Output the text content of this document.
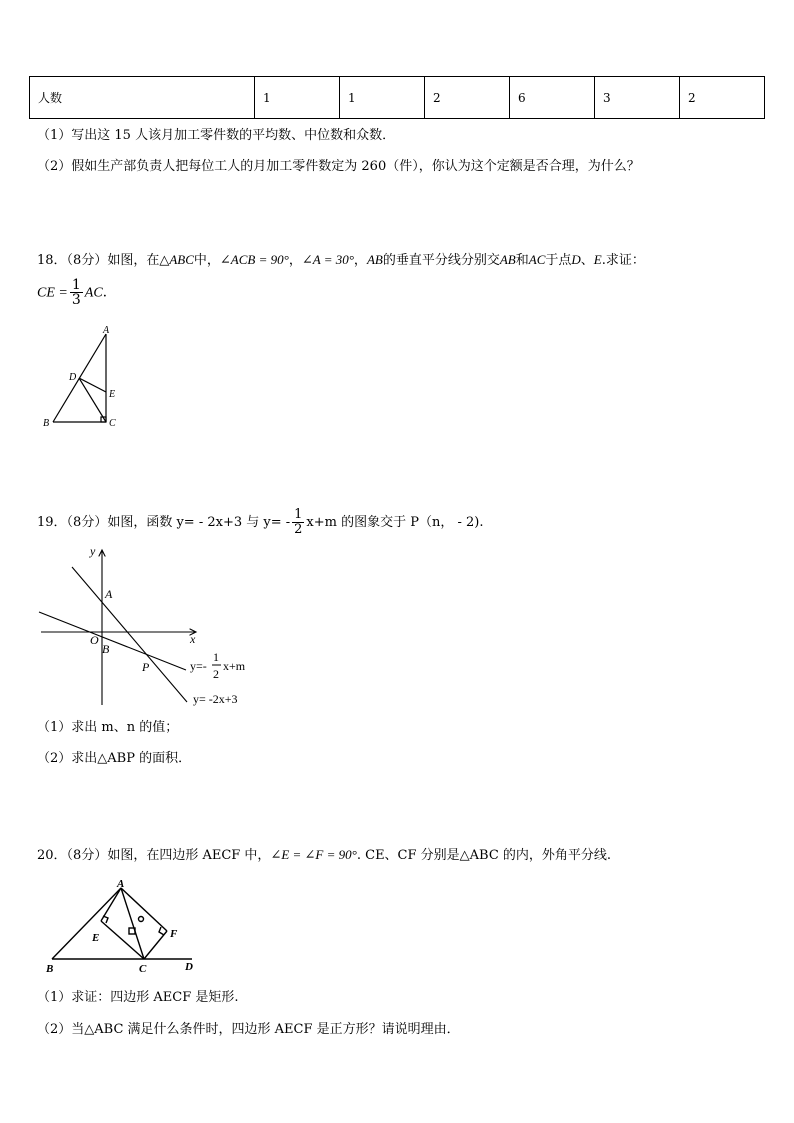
人数	1	1	2	6	3	2
（1）写出这 15 人该月加工零件数的平均数、中位数和众数．
（2）假如生产部负责人把每位工人的月加工零件数定为 260（件），你认为这个定额是否合理，为什么？
18．（8分）如图，在△ABC中，∠ACB = 90°，∠A = 30°，AB的垂直平分线分别交AB和AC于点D、E.求证：
CE = $\frac{1}{3}$ AC.
A
B	C
D
E
19．（8分）如图，函数 y= - 2x+3 与 $y= - \frac{1}{2} x+m$ 的图象交于 P（n， - 2).
y
x
A
O
B
P	y=-
1
2
x+m
y= -2x+3
（1）求出 m、n 的值；
（2）求出△ABP 的面积．
20．（8分）如图，在四边形 AECF 中，∠E = ∠F = 90°. CE、CF 分别是△ABC 的内，外角平分线.
A
B	C	D
E	F
（1）求证：四边形 AECF 是矩形.
（2）当△ABC 满足什么条件时，四边形 AECF 是正方形？请说明理由．
